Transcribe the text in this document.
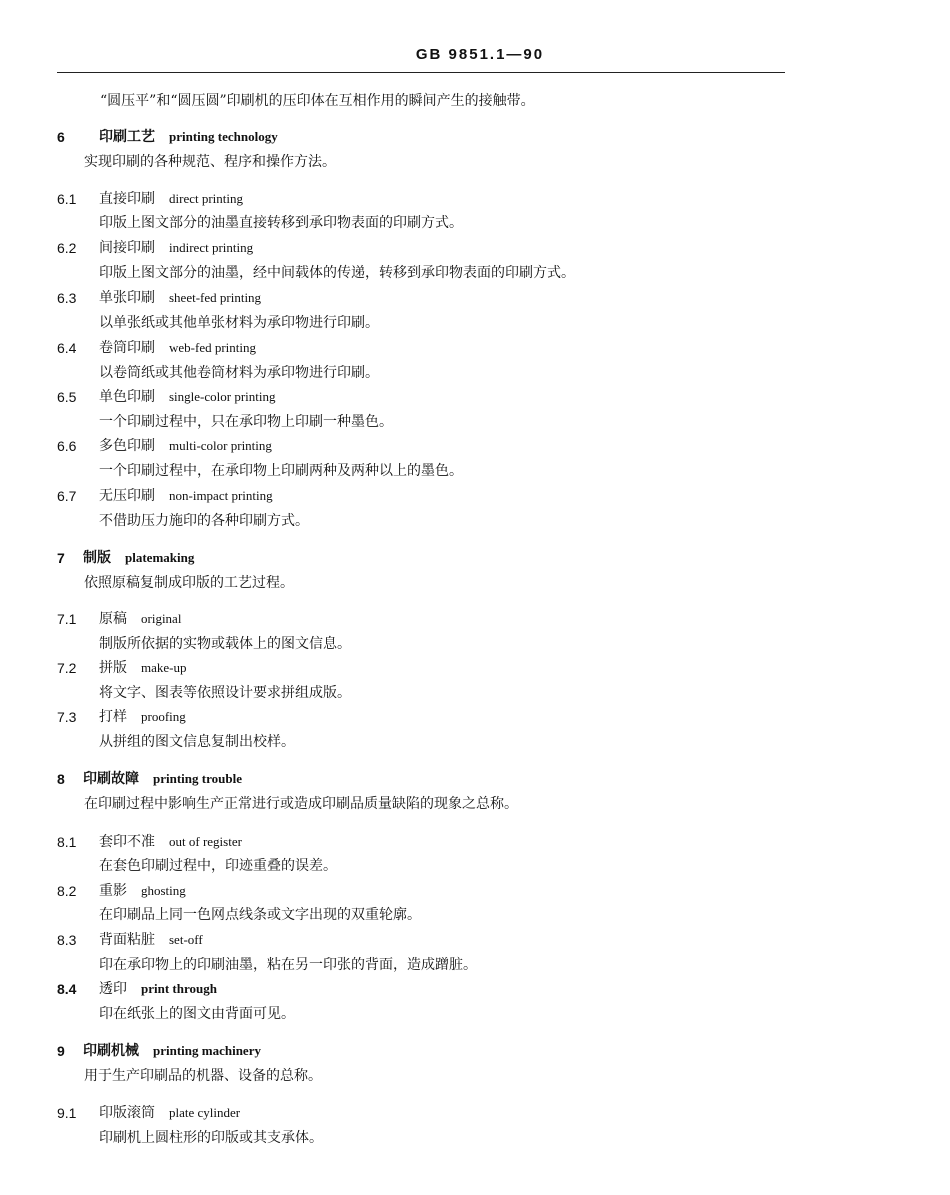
GB 9851.1—90
“圆压平”和“圆压圆”印刷机的压印体在互相作用的瞬间产生的接触带。
6 印刷工艺 printing technology
实现印刷的各种规范、程序和操作方法。
6.1 直接印刷 direct printing
印版上图文部分的油墨直接转移到承印物表面的印刷方式。
6.2 间接印刷 indirect printing
印版上图文部分的油墨，经中间载体的传递，转移到承印物表面的印刷方式。
6.3 单张印刷 sheet-fed printing
以单张纸或其他单张材料为承印物进行印刷。
6.4 卷筒印刷 web-fed printing
以卷筒纸或其他卷筒材料为承印物进行印刷。
6.5 单色印刷 single-color printing
一个印刷过程中，只在承印物上印刷一种墨色。
6.6 多色印刷 multi-color printing
一个印刷过程中，在承印物上印刷两种及两种以上的墨色。
6.7 无压印刷 non-impact printing
不借助压力施印的各种印刷方式。
7 制版 platemaking
依照原稿复制成印版的工艺过程。
7.1 原稿 original
制版所依据的实物或载体上的图文信息。
7.2 拼版 make-up
将文字、图表等依照设计要求拼组成版。
7.3 打样 proofing
从拼组的图文信息复制出校样。
8 印刷故障 printing trouble
在印刷过程中影响生产正常进行或造成印刷品质量缺陷的现象之总称。
8.1 套印不准 out of register
在套色印刷过程中，印迹重叠的误差。
8.2 重影 ghosting
在印刷品上同一色网点线条或文字出现的双重轮廓。
8.3 背面粘脏 set-off
印在承印物上的印刷油墨，粘在另一印张的背面，造成蹭脏。
8.4 透印 print through
印在纸张上的图文由背面可见。
9 印刷机械 printing machinery
用于生产印刷品的机器、设备的总称。
9.1 印版滚筒 plate cylinder
印刷机上圆柱形的印版或其支承体。
